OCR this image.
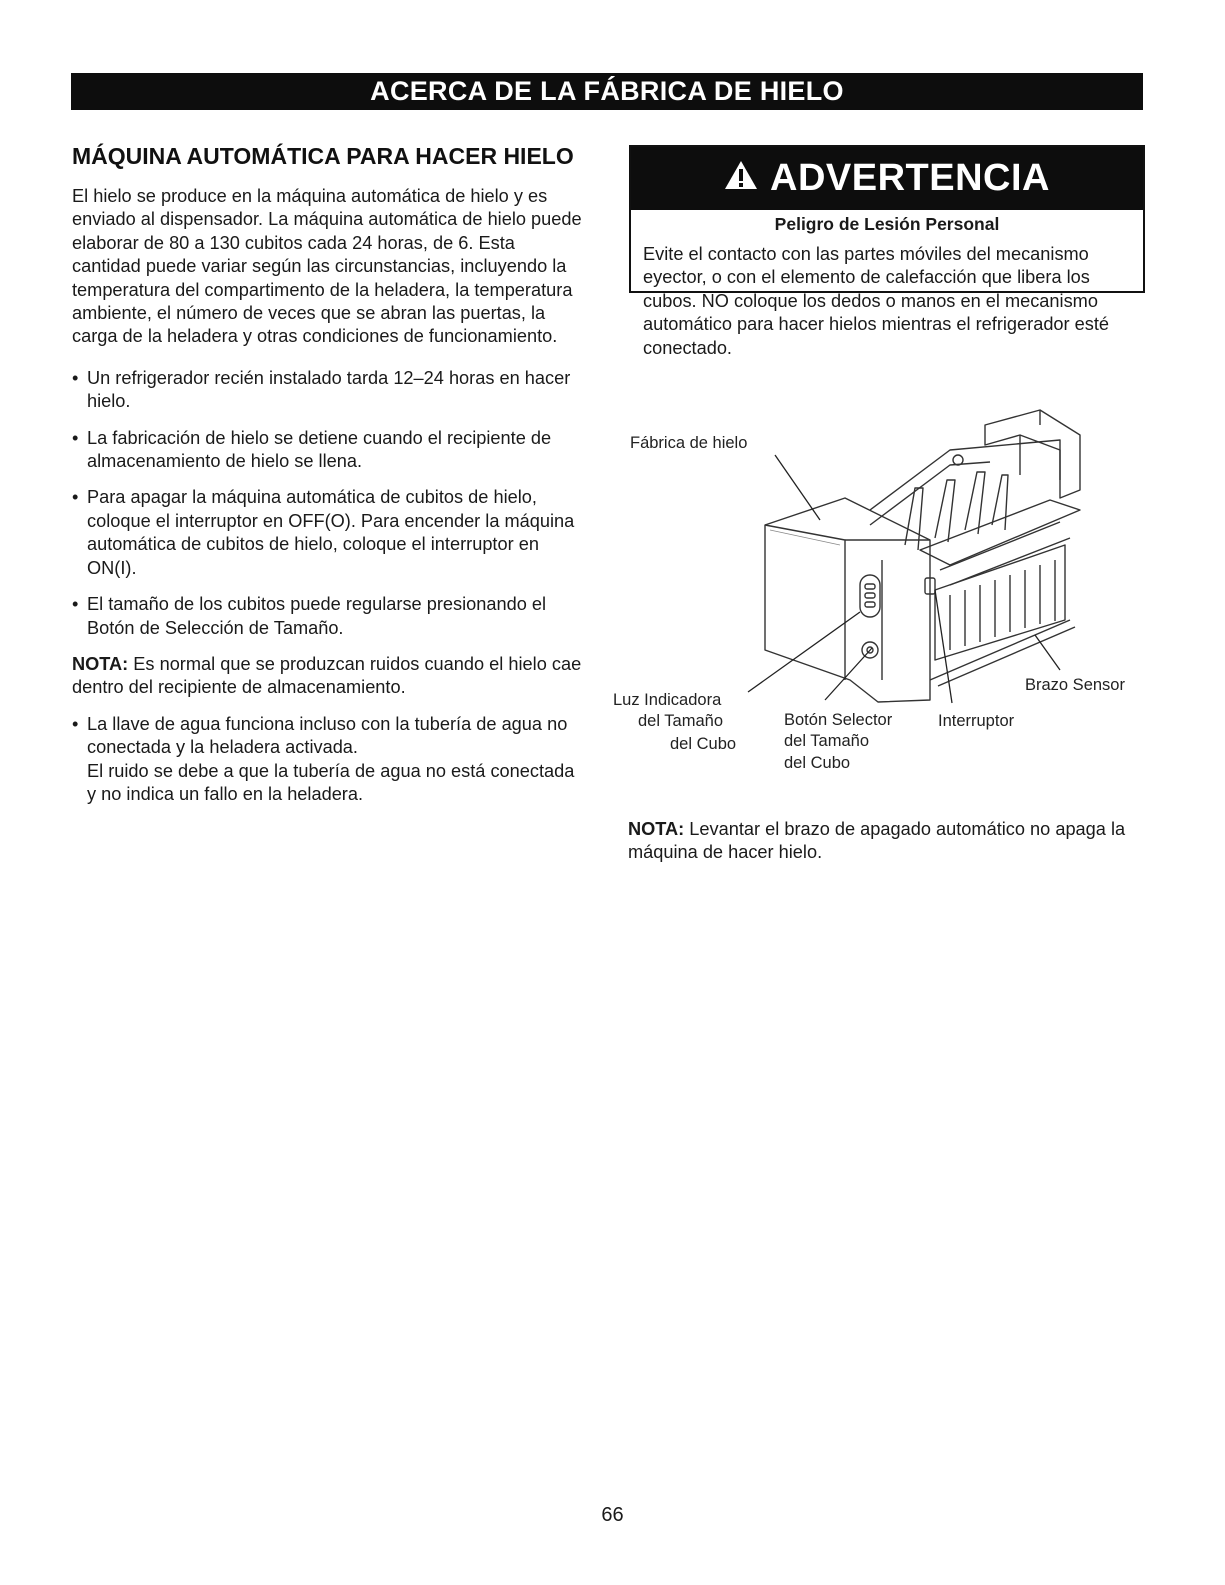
ACERCA DE LA FÁBRICA DE HIELO
MÁQUINA AUTOMÁTICA PARA HACER HIELO

El hielo se produce en la máquina automática de hielo y es enviado al dispensador. La máquina automática de hielo puede elaborar de 80 a 130 cubitos cada 24 horas, de 6. Esta cantidad puede variar según las circunstancias, incluyendo la temperatura del compartimento de la heladera, la temperatura ambiente, el número de veces que se abran las puertas, la carga de la heladera y otras condiciones de funcionamiento.

• Un refrigerador recién instalado tarda 12–24 horas en hacer hielo.

• La fabricación de hielo se detiene cuando el recipiente de almacenamiento de hielo se llena.

• Para apagar la máquina automática de cubitos de hielo, coloque el interruptor en OFF(O). Para encender la máquina automática de cubitos de hielo, coloque el interruptor en ON(I).

• El tamaño de los cubitos puede regularse presionando el Botón de Selección de Tamaño.

NOTA: Es normal que se produzcan ruidos cuando el hielo cae dentro del recipiente de almacenamiento.

• La llave de agua funciona incluso con la tubería de agua no conectada y la heladera activada.
El ruido se debe a que la tubería de agua no está conectada y no indica un fallo en la heladera.
ADVERTENCIA
Peligro de Lesión Personal
Evite el contacto con las partes móviles del mecanismo eyector, o con el elemento de calefacción que libera los cubos. NO coloque los dedos o manos en el mecanismo automático para hacer hielos mientras el refrigerador esté conectado.
Fábrica de hielo
Brazo Sensor
Luz Indicadora
del Tamaño
del Cubo
Botón Selector
del Tamaño
del Cubo
Interruptor
NOTA: Levantar el brazo de apagado automático no apaga la máquina de hacer hielo.
66
